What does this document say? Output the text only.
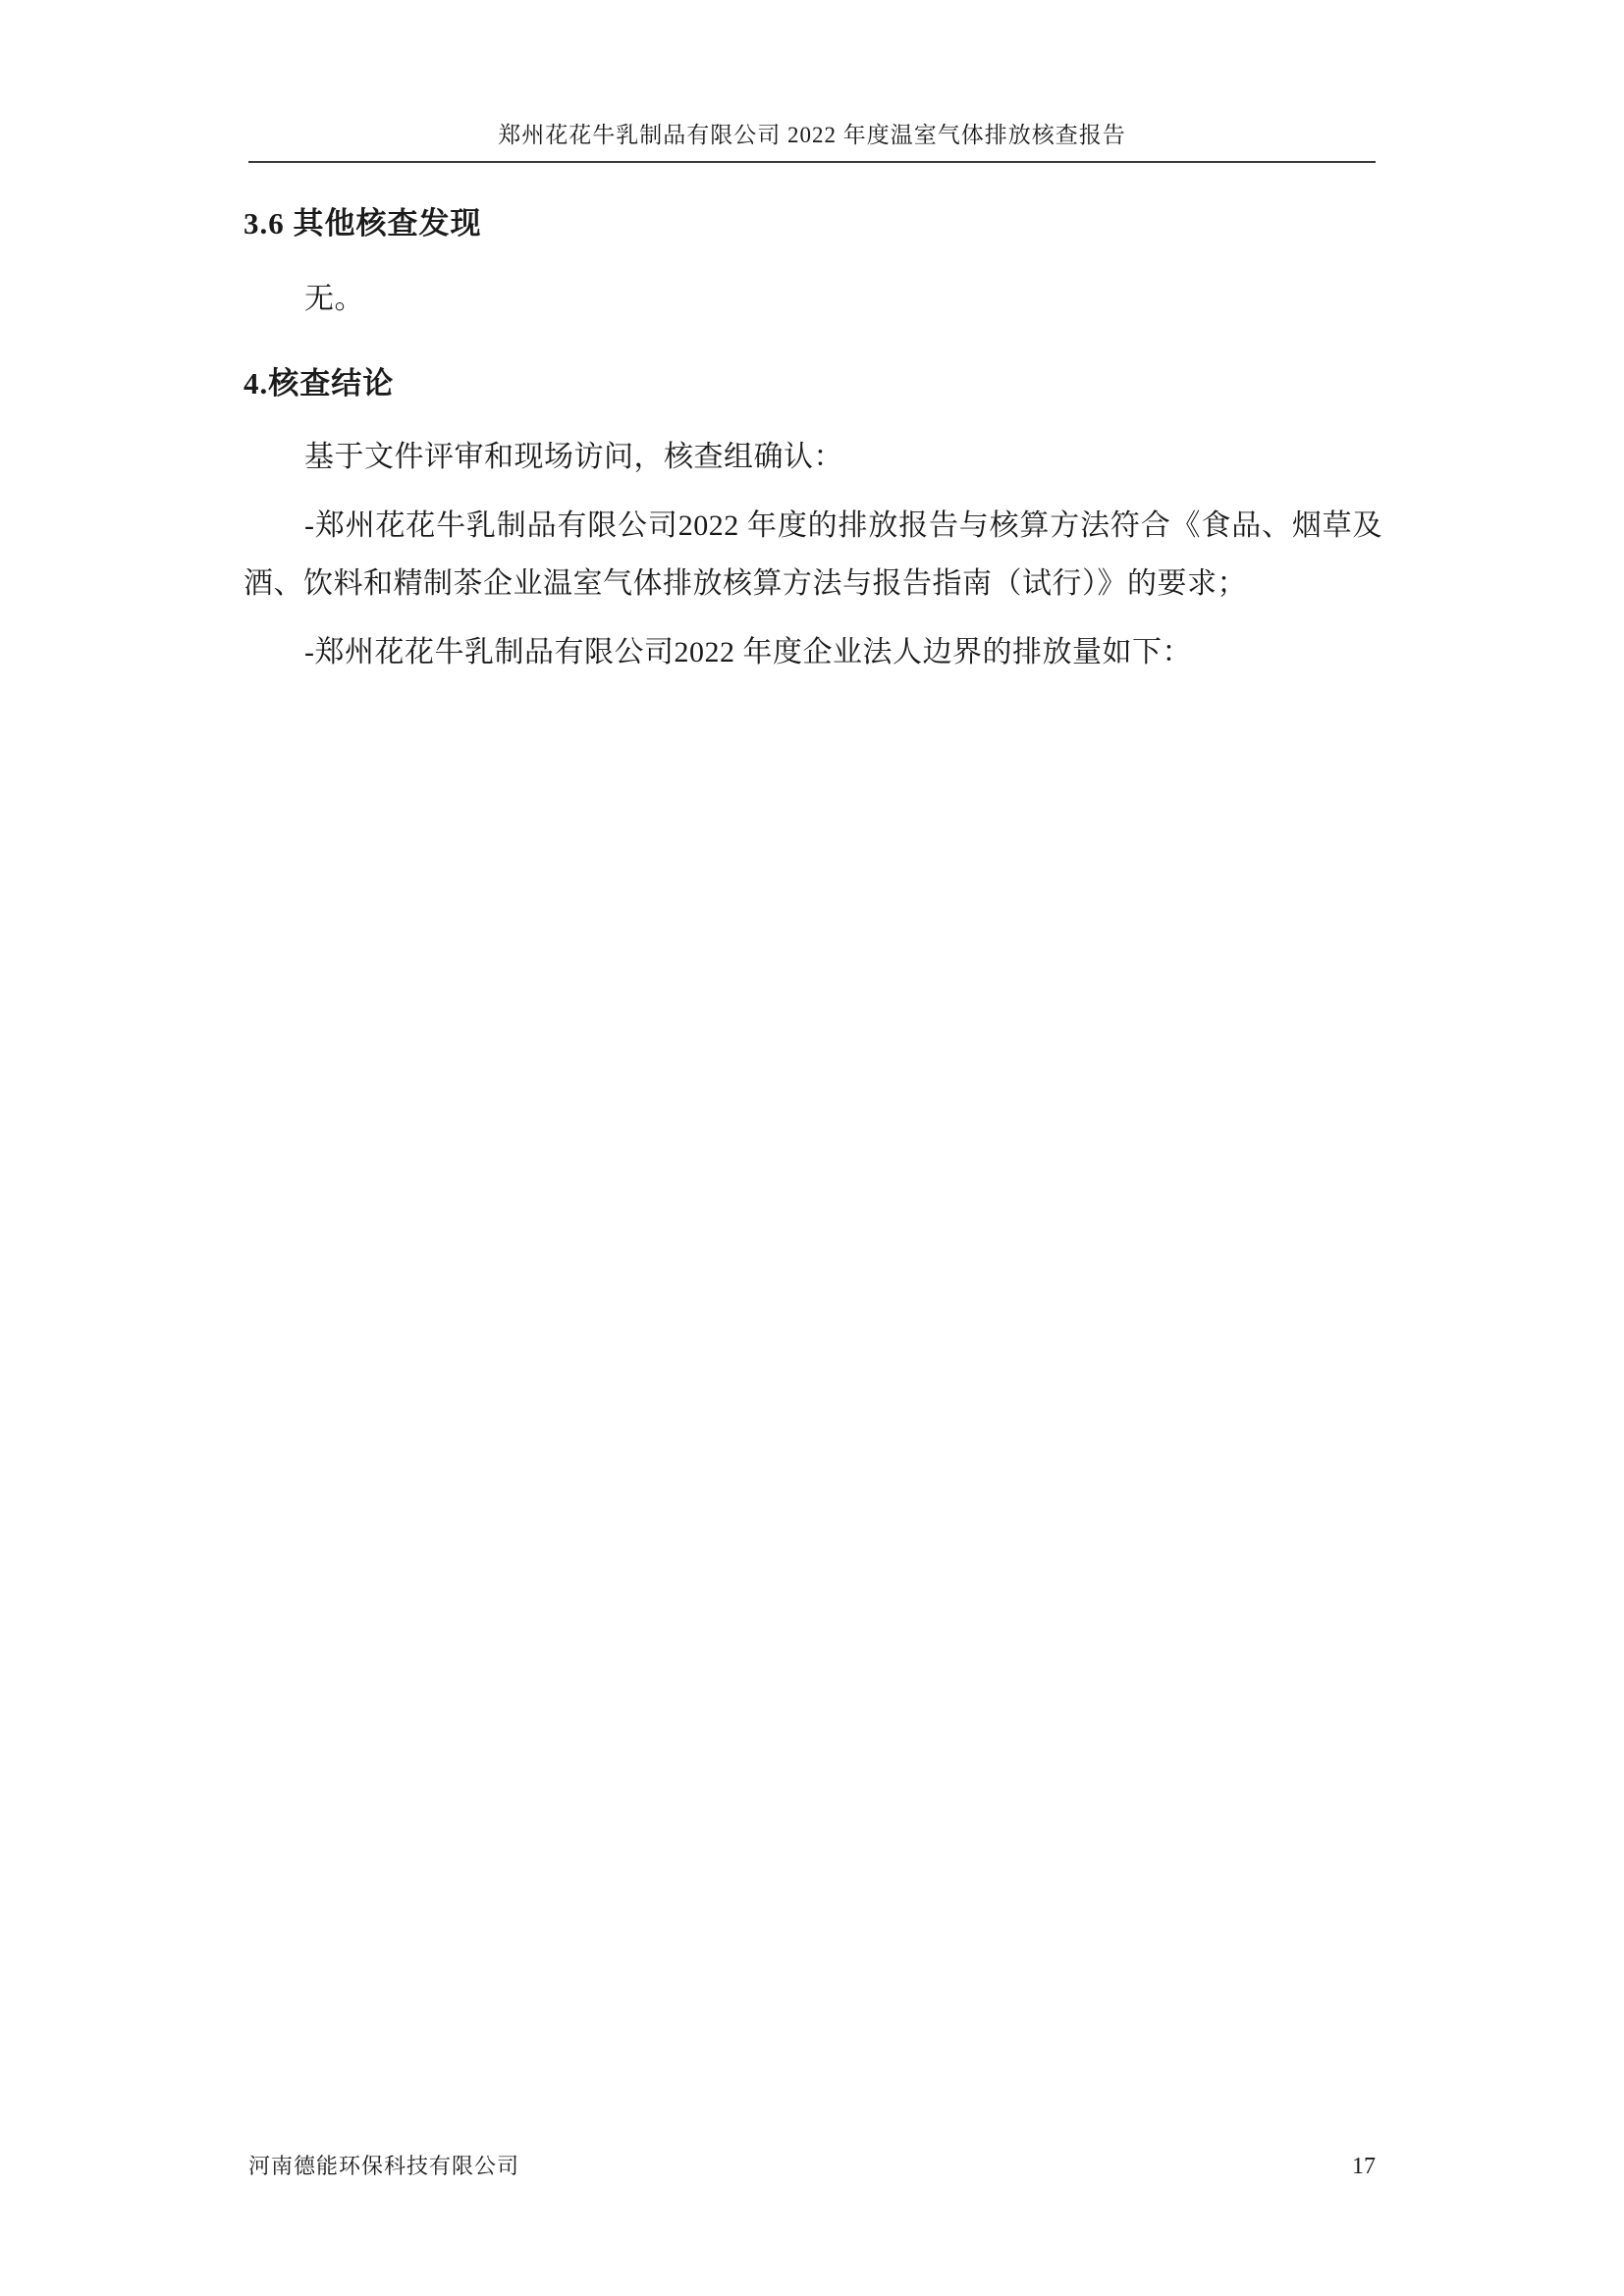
郑州花花牛乳制品有限公司 2022 年度温室气体排放核查报告
3.6 其他核查发现

无。

4.核查结论

基于文件评审和现场访问，核查组确认：

-郑州花花牛乳制品有限公司2022 年度的排放报告与核算方法符合《食品、烟草及酒、饮料和精制茶企业温室气体排放核算方法与报告指南（试行）》的要求；

-郑州花花牛乳制品有限公司2022 年度企业法人边界的排放量如下：

河南德能环保科技有限公司	17
